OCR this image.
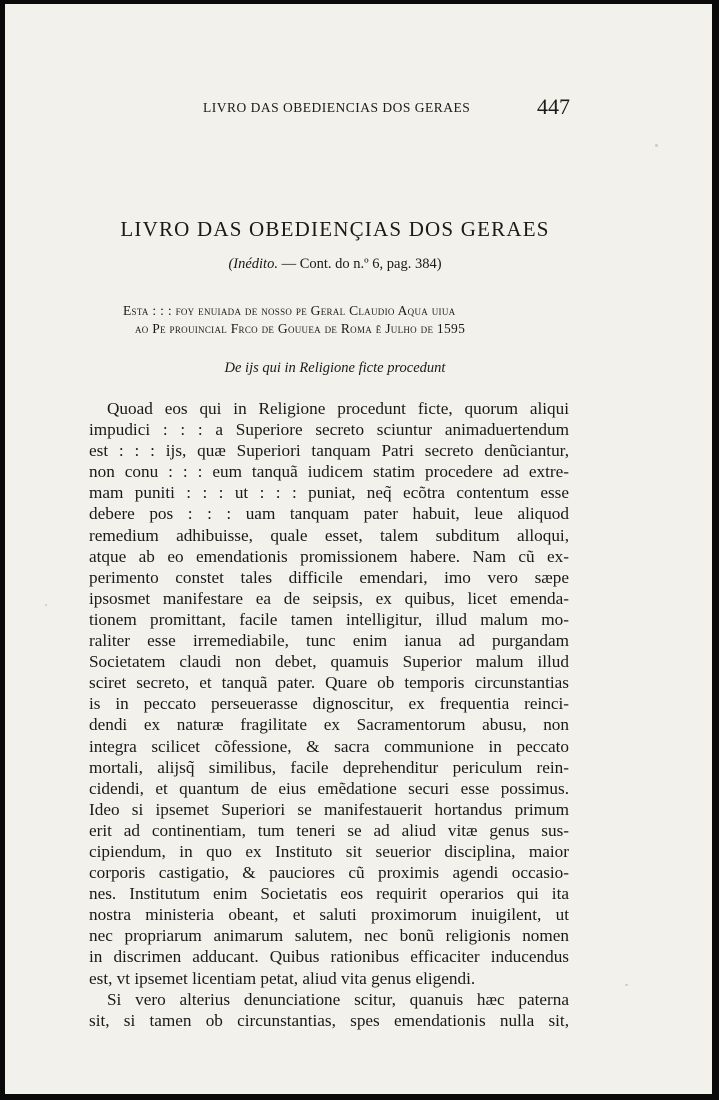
LIVRO DAS OBEDIENCIAS DOS GERAES	447
LIVRO DAS OBEDIENÇIAS DOS GERAES
(Inédito. — Cont. do n.º 6, pag. 384)
Esta : : : foy enuiada de nosso pe Geral Claudio Aqua uiua
ao Pe prouincial Frco de Gouuea de Roma ẽ Julho de 1595
De ijs qui in Religione ficte procedunt
Quoad eos qui in Religione procedunt ficte, quorum aliqui
impudici : : : a Superiore secreto sciuntur animaduertendum
est : : : ijs, quæ Superiori tanquam Patri secreto denũciantur,
non conu : : : eum tanquã iudicem statim procedere ad extre-
mam puniti : : : ut : : : puniat, neq̃ ecõtra contentum esse
debere pos : : : uam tanquam pater habuit, leue aliquod
remedium adhibuisse, quale esset, talem subditum alloqui,
atque ab eo emendationis promissionem habere. Nam cũ ex-
perimento constet tales difficile emendari, imo vero sæpe
ipsosmet manifestare ea de seipsis, ex quibus, licet emenda-
tionem promittant, facile tamen intelligitur, illud malum mo-
raliter esse irremediabile, tunc enim ianua ad purgandam
Societatem claudi non debet, quamuis Superior malum illud
sciret secreto, et tanquã pater. Quare ob temporis circunstantias
is in peccato perseuerasse dignoscitur, ex frequentia reinci-
dendi ex naturæ fragilitate ex Sacramentorum abusu, non
integra scilicet cõfessione, & sacra communione in peccato
mortali, alijsq̃ similibus, facile deprehenditur periculum rein-
cidendi, et quantum de eius emẽdatione securi esse possimus.
Ideo si ipsemet Superiori se manifestauerit hortandus primum
erit ad continentiam, tum teneri se ad aliud vitæ genus sus-
cipiendum, in quo ex Instituto sit seuerior disciplina, maior
corporis castigatio, & pauciores cũ proximis agendi occasio-
nes. Institutum enim Societatis eos requirit operarios qui ita
nostra ministeria obeant, et saluti proximorum inuigilent, ut
nec propriarum animarum salutem, nec bonũ religionis nomen
in discrimen adducant. Quibus rationibus efficaciter inducendus
est, vt ipsemet licentiam petat, aliud vita genus eligendi.
Si vero alterius denunciatione scitur, quanuis hæc paterna
sit, si tamen ob circunstantias, spes emendationis nulla sit,
